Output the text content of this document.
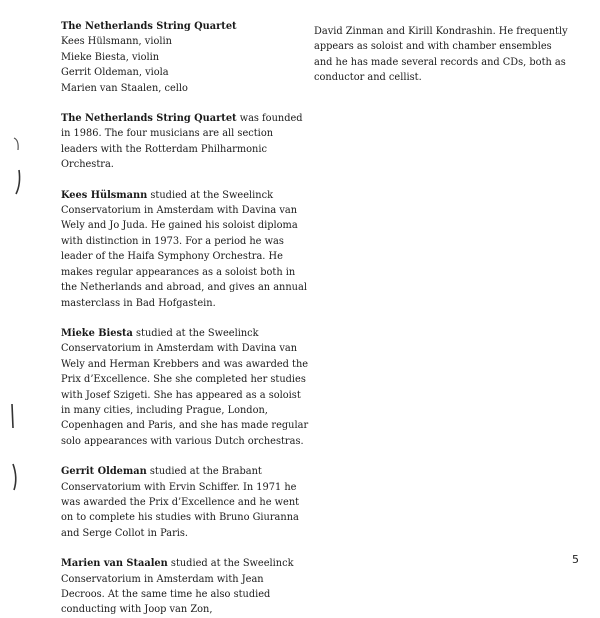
The Netherlands String Quartet
Kees Hülsmann, violin
Mieke Biesta, violin
Gerrit Oldeman, viola
Marien van Staalen, cello

The Netherlands String Quartet was founded in 1986. The four musicians are all section leaders with the Rotterdam Philharmonic Orchestra.

Kees Hülsmann studied at the Sweelinck Conservatorium in Amsterdam with Davina van Wely and Jo Juda. He gained his soloist diploma with distinction in 1973. For a period he was leader of the Haifa Symphony Orchestra. He makes regular appearances as a soloist both in the Netherlands and abroad, and gives an annual masterclass in Bad Hofgastein.

Mieke Biesta studied at the Sweelinck Conservatorium in Amsterdam with Davina van Wely and Herman Krebbers and was awarded the Prix d’Excellence. She she completed her studies with Josef Szigeti. She has appeared as a soloist in many cities, including Prague, London, Copenhagen and Paris, and she has made regular solo appearances with various Dutch orchestras.

Gerrit Oldeman studied at the Brabant Conservatorium with Ervin Schiffer. In 1971 he was awarded the Prix d’Excellence and he went on to complete his studies with Bruno Giuranna and Serge Collot in Paris.

Marien van Staalen studied at the Sweelinck Conservatorium in Amsterdam with Jean Decroos. At the same time he also studied conducting with Joop van Zon,

David Zinman and Kirill Kondrashin. He frequently appears as soloist and with chamber ensembles and he has made several records and CDs, both as conductor and cellist.

5
